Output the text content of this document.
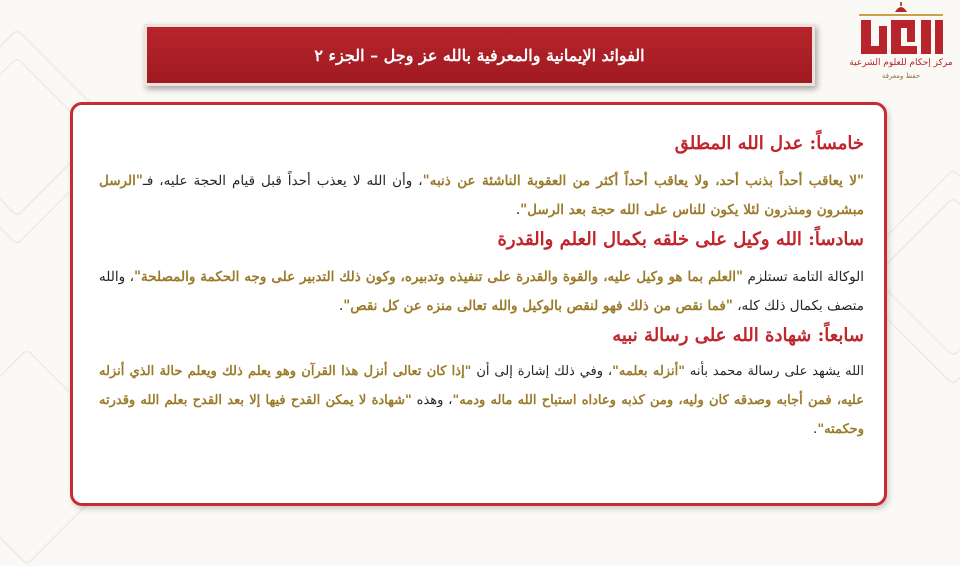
الفوائد الإيمانية والمعرفية بالله عز وجل – الجزء ٢	مركز إحكام للعلوم الشرعية
حفظ ومعرفة
خامساً: عدل الله المطلق

"لا يعاقب أحداً بذنب أحد، ولا يعاقب أحداً أكثر من العقوبة الناشئة عن ذنبه"، وأن الله لا يعذب أحداً قبل قيام الحجة عليه، فـ"الرسل مبشرون ومنذرون لئلا يكون للناس على الله حجة بعد الرسل".

سادساً: الله وكيل على خلقه بكمال العلم والقدرة

الوكالة التامة تستلزم "العلم بما هو وكيل عليه، والقوة والقدرة على تنفيذه وتدبيره، وكون ذلك التدبير على وجه الحكمة والمصلحة"، والله متصف بكمال ذلك كله، "فما نقص من ذلك فهو لنقص بالوكيل والله تعالى منزه عن كل نقص".

سابعاً: شهادة الله على رسالة نبيه

الله يشهد على رسالة محمد بأنه "أنزله بعلمه"، وفي ذلك إشارة إلى أن "إذا كان تعالى أنزل هذا القرآن وهو يعلم ذلك ويعلم حالة الذي أنزله عليه، فمن أجابه وصدقه كان وليه، ومن كذبه وعاداه استباح الله ماله ودمه"، وهذه "شهادة لا يمكن القدح فيها إلا بعد القدح بعلم الله وقدرته وحكمته".
